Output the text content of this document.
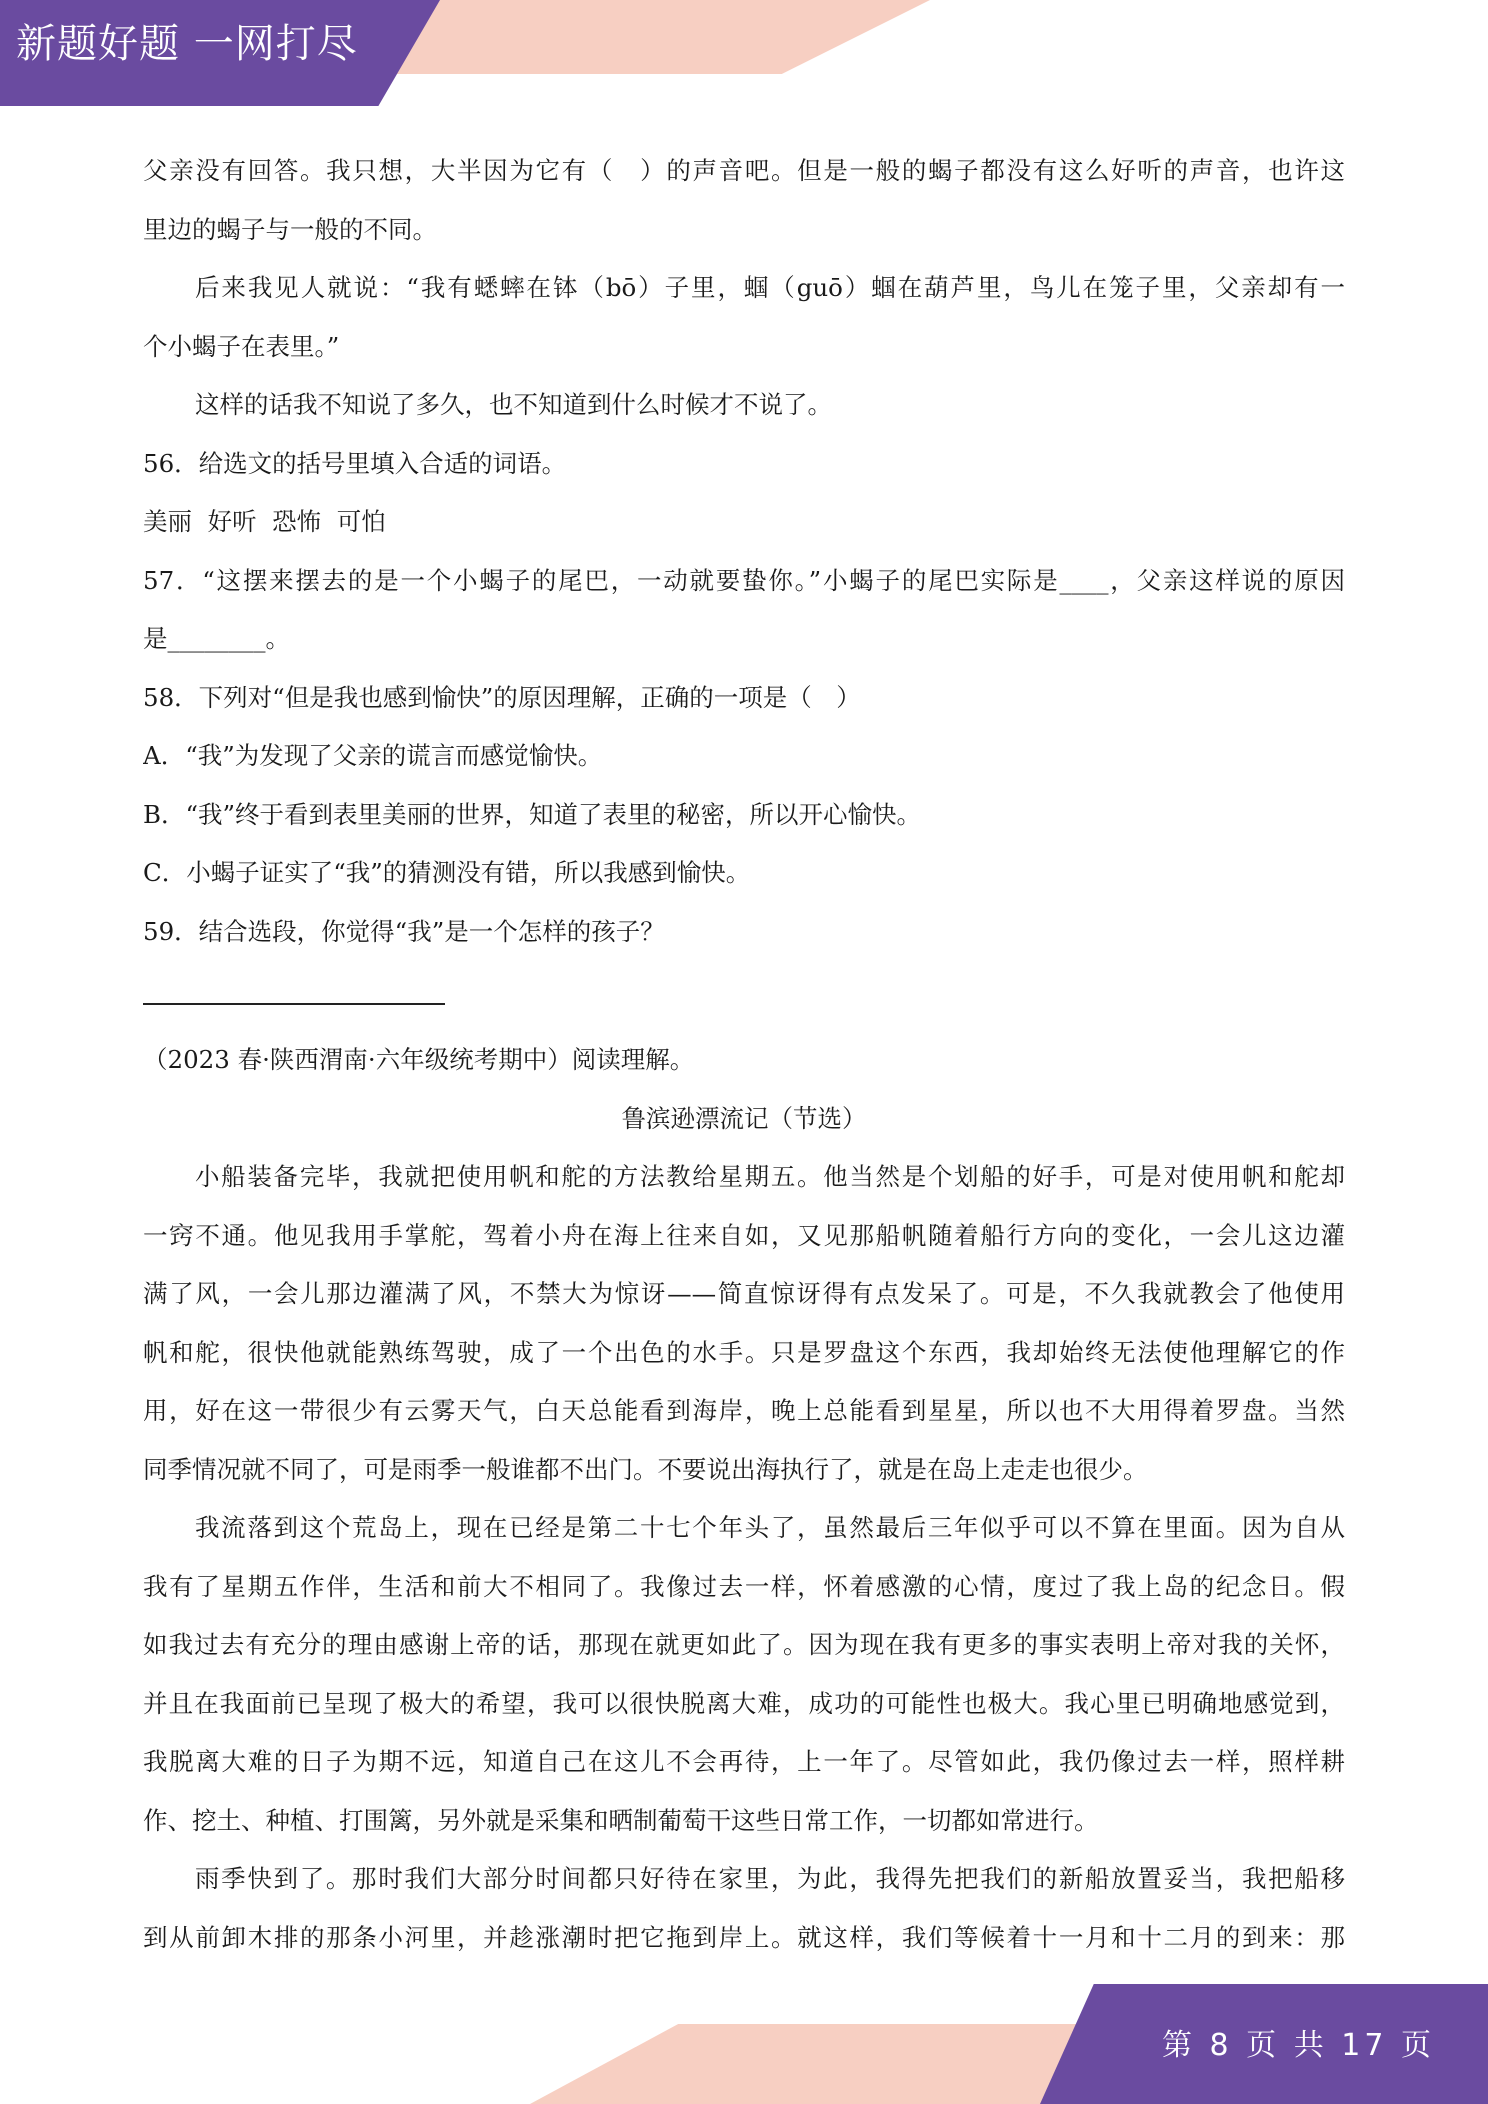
新题好题 一网打尽
父亲没有回答。我只想，大半因为它有（　）的声音吧。但是一般的蝎子都没有这么好听的声音，也许这
里边的蝎子与一般的不同。
后来我见人就说：“我有蟋蟀在钵（bō）子里，蝈（guō）蝈在葫芦里，鸟儿在笼子里，父亲却有一
个小蝎子在表里。”
这样的话我不知说了多久，也不知道到什么时候才不说了。
56．给选文的括号里填入合适的词语。
美丽  好听  恐怖  可怕
57．“这摆来摆去的是一个小蝎子的尾巴，一动就要蛰你。”小蝎子的尾巴实际是____，父亲这样说的原因
是________。
58．下列对“但是我也感到愉快”的原因理解，正确的一项是（　）
A．“我”为发现了父亲的谎言而感觉愉快。
B．“我”终于看到表里美丽的世界，知道了表里的秘密，所以开心愉快。
C．小蝎子证实了“我”的猜测没有错，所以我感到愉快。
59．结合选段，你觉得“我”是一个怎样的孩子？
（2023 春·陕西渭南·六年级统考期中）阅读理解。
鲁滨逊漂流记（节选）
小船装备完毕，我就把使用帆和舵的方法教给星期五。他当然是个划船的好手，可是对使用帆和舵却
一窍不通。他见我用手掌舵，驾着小舟在海上往来自如，又见那船帆随着船行方向的变化，一会儿这边灌
满了风，一会儿那边灌满了风，不禁大为惊讶——简直惊讶得有点发呆了。可是，不久我就教会了他使用
帆和舵，很快他就能熟练驾驶，成了一个出色的水手。只是罗盘这个东西，我却始终无法使他理解它的作
用，好在这一带很少有云雾天气，白天总能看到海岸，晚上总能看到星星，所以也不大用得着罗盘。当然
同季情况就不同了，可是雨季一般谁都不出门。不要说出海执行了，就是在岛上走走也很少。
我流落到这个荒岛上，现在已经是第二十七个年头了，虽然最后三年似乎可以不算在里面。因为自从
我有了星期五作伴，生活和前大不相同了。我像过去一样，怀着感激的心情，度过了我上岛的纪念日。假
如我过去有充分的理由感谢上帝的话，那现在就更如此了。因为现在我有更多的事实表明上帝对我的关怀，
并且在我面前已呈现了极大的希望，我可以很快脱离大难，成功的可能性也极大。我心里已明确地感觉到，
我脱离大难的日子为期不远，知道自己在这儿不会再待，上一年了。尽管如此，我仍像过去一样，照样耕
作、挖土、种植、打围篱，另外就是采集和晒制葡萄干这些日常工作，一切都如常进行。
雨季快到了。那时我们大部分时间都只好待在家里，为此，我得先把我们的新船放置妥当，我把船移
到从前卸木排的那条小河里，并趁涨潮时把它拖到岸上。就这样，我们等候着十一月和十二月的到来：那
第 8 页 共 17 页
